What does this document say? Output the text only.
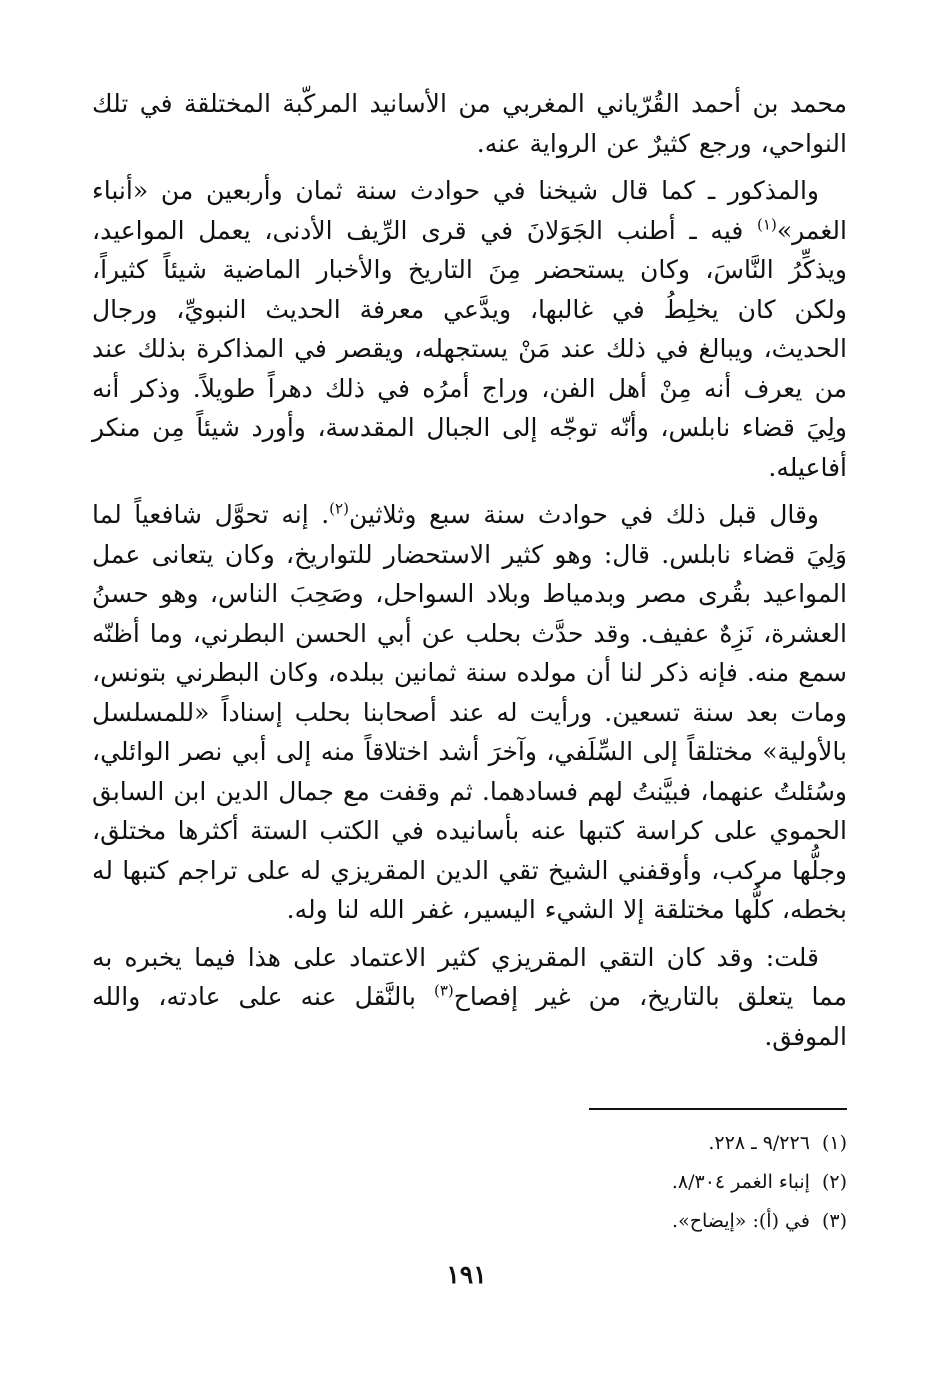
محمد بن أحمد القُرّياني المغربي من الأسانيد المركّبة المختلقة في تلك النواحي، ورجع كثيرٌ عن الرواية عنه.

والمذكور ـ كما قال شيخنا في حوادث سنة ثمان وأربعين من «أنباء الغمر»$^{(١)}$ فيه ـ أطنب الجَوَلانَ في قرى الرِّيف الأدنى، يعمل المواعيد، ويذكِّرُ النَّاسَ، وكان يستحضر مِنَ التاريخ والأخبار الماضية شيئاً كثيراً، ولكن كان يخلِطُ في غالبها، ويدَّعي معرفة الحديث النبويِّ، ورجال الحديث، ويبالغ في ذلك عند مَنْ يستجهله، ويقصر في المذاكرة بذلك عند من يعرف أنه مِنْ أهل الفن، وراج أمرُه في ذلك دهراً طويلاً. وذكر أنه ولِيَ قضاء نابلس، وأنّه توجّه إلى الجبال المقدسة، وأورد شيئاً مِن منكر أفاعيله.

وقال قبل ذلك في حوادث سنة سبع وثلاثين$^{(٢)}$. إنه تحوَّل شافعياً لما وَلِيَ قضاء نابلس. قال: وهو كثير الاستحضار للتواريخ، وكان يتعانى عمل المواعيد بقُرى مصر وبدمياط وبلاد السواحل، وصَحِبَ الناس، وهو حسنُ العشرة، نَزِهٌ عفيف. وقد حدَّث بحلب عن أبي الحسن البطرني، وما أظنّه سمع منه. فإنه ذكر لنا أن مولده سنة ثمانين ببلده، وكان البطرني بتونس، ومات بعد سنة تسعين. ورأيت له عند أصحابنا بحلب إسناداً «للمسلسل بالأولية» مختلقاً إلى السِّلَفي، وآخرَ أشد اختلاقاً منه إلى أبي نصر الوائلي، وسُئلتُ عنهما، فبيَّنتُ لهم فسادهما. ثم وقفت مع جمال الدين ابن السابق الحموي على كراسة كتبها عنه بأسانيده في الكتب الستة أكثرها مختلق، وجلُّها مركب، وأوقفني الشيخ تقي الدين المقريزي له على تراجم كتبها له بخطه، كلُّها مختلقة إلا الشيء اليسير، غفر الله لنا وله.

قلت: وقد كان التقي المقريزي كثير الاعتماد على هذا فيما يخبره به مما يتعلق بالتاريخ، من غير إفصاح$^{(٣)}$ بالنَّقل عنه على عادته، والله الموفق.

(١)٩/٢٢٦ ـ ٢٢٨.

(٢)إنباء الغمر ٨/٣٠٤.

(٣)في (أ): «إيضاح».

١٩١
